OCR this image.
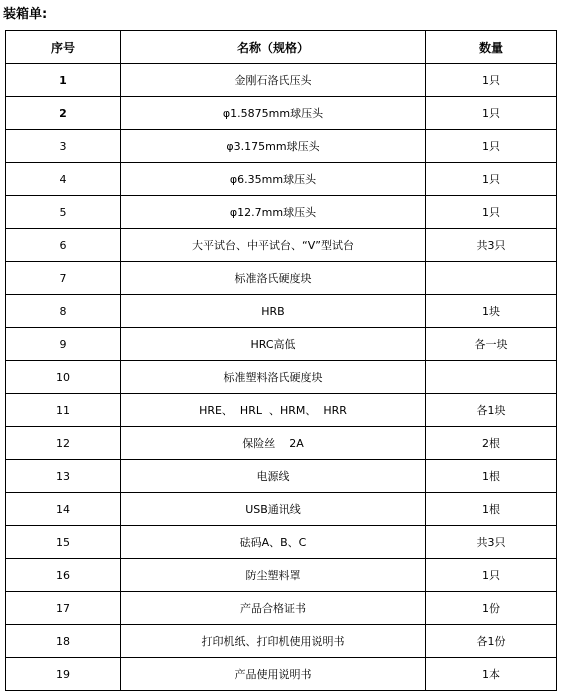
装箱单:
序号	名称（规格）	数量
1	金刚石洛氏压头	1只
2	φ1.5875mm球压头	1只
3	φ3.175mm球压头	1只
4	φ6.35mm球压头	1只
5	φ12.7mm球压头	1只
6	大平试台、中平试台、“V”型试台	共3只
7	标准洛氏硬度块	
8	HRB	1块
9	HRC高低	各一块
10	标准塑料洛氏硬度块	
11	HRE、  HRL  、HRM、  HRR	各1块
12	保险丝    2A	2根
13	电源线	1根
14	USB通讯线	1根
15	砝码A、B、C	共3只
16	防尘塑料罩	1只
17	产品合格证书	1份
18	打印机纸、打印机使用说明书	各1份
19	产品使用说明书	1本
